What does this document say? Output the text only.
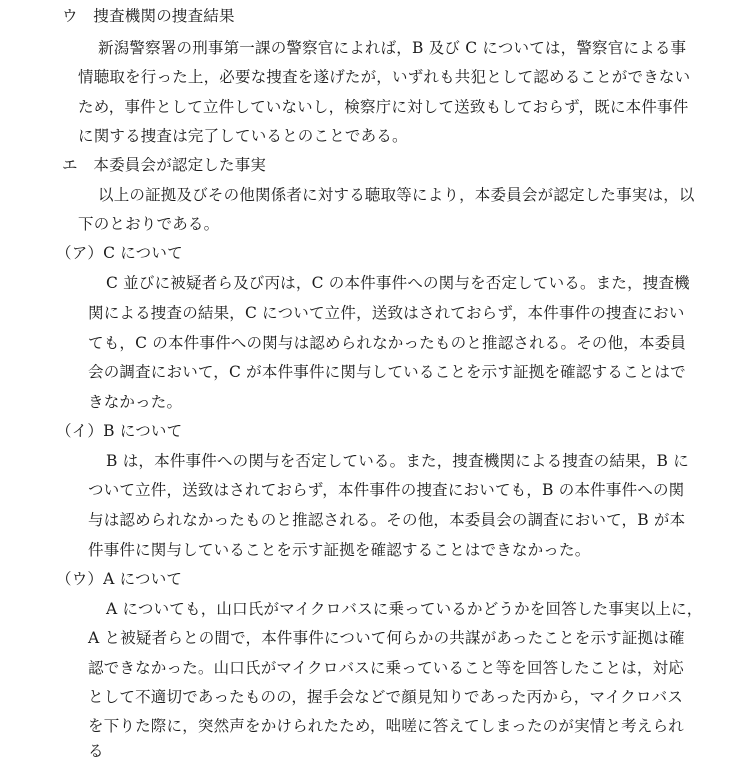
ウ　捜査機関の捜査結果
新潟警察署の刑事第一課の警察官によれば，B 及び C については，警察官による事
情聴取を行った上，必要な捜査を遂げたが，いずれも共犯として認めることができない
ため，事件として立件していないし，検察庁に対して送致もしておらず，既に本件事件
に関する捜査は完了しているとのことである。
エ　本委員会が認定した事実
以上の証拠及びその他関係者に対する聴取等により，本委員会が認定した事実は，以
下のとおりである。
（ア）C について
C 並びに被疑者ら及び丙は，C の本件事件への関与を否定している。また，捜査機
関による捜査の結果，C について立件，送致はされておらず，本件事件の捜査におい
ても，C の本件事件への関与は認められなかったものと推認される。その他，本委員
会の調査において，C が本件事件に関与していることを示す証拠を確認することはで
きなかった。
（イ）B について
B は，本件事件への関与を否定している。また，捜査機関による捜査の結果，B に
ついて立件，送致はされておらず，本件事件の捜査においても，B の本件事件への関
与は認められなかったものと推認される。その他，本委員会の調査において，B が本
件事件に関与していることを示す証拠を確認することはできなかった。
（ウ）A について
A についても，山口氏がマイクロバスに乗っているかどうかを回答した事実以上に，
A と被疑者らとの間で，本件事件について何らかの共謀があったことを示す証拠は確
認できなかった。山口氏がマイクロバスに乗っていること等を回答したことは，対応
として不適切であったものの，握手会などで顔見知りであった丙から，マイクロバス
を下りた際に，突然声をかけられたため，咄嗟に答えてしまったのが実情と考えられ
る
